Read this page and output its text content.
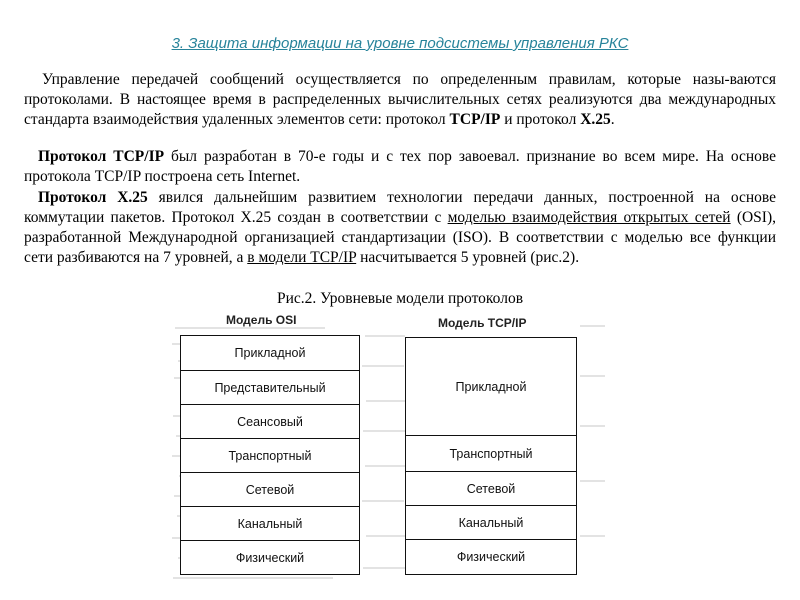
3. Защита информации на уровне подсистемы управления РКС

Управление передачей сообщений осуществляется по определенным правилам, которые назы-ваются протоколами. В настоящее время в распределенных вычислительных сетях реализуются два международных стандарта взаимодействия удаленных элементов сети: протокол TCP/IP и протокол X.25.

Протокол TCP/IP был разработан в 70-е годы и с тех пор завоевал. признание во всем мире. На основе протокола TCP/IP построена сеть Internet.

Протокол X.25 явился дальнейшим развитием технологии передачи данных, построенной на основе коммутации пакетов. Протокол X.25 создан в соответствии с моделью взаимодействия открытых сетей (OSI), разработанной Международной организацией стандартизации (ISO). В соответствии с моделью все функции сети разбиваются на 7 уровней, а в модели TCP/IP насчитывается 5 уровней (рис.2).

Рис.2. Уровневые модели протоколов
Модель OSI	Модель TCP/IP
Прикладной
Представительный
Сеансовый
Транспортный
Сетевой
Канальный
Физический
Прикладной
Транспортный
Сетевой
Канальный
Физический
